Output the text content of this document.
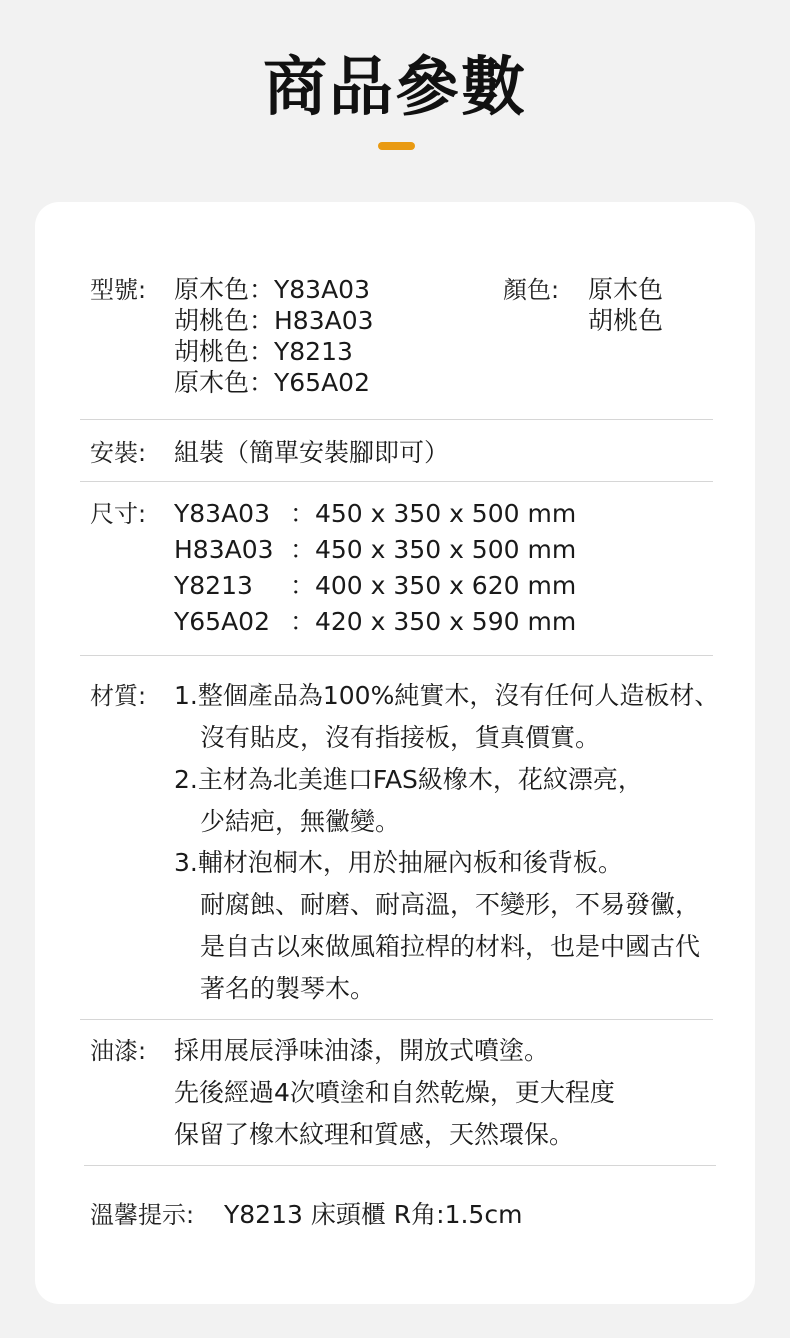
商品參數
型號: 原木色：Y83A03
胡桃色：H83A03
胡桃色：Y8213
原木色：Y65A02
顏色: 原木色
胡桃色
安裝: 組裝（簡單安裝腳即可）
尺寸: Y83A03 ：450 x 350 x 500 mm
H83A03 ：450 x 350 x 500 mm
Y8213 ：400 x 350 x 620 mm
Y65A02 ：420 x 350 x 590 mm
材質: 1.整個產品為100%純實木，沒有任何人造板材、
沒有貼皮，沒有指接板，貨真價實。
2.主材為北美進口FAS級橡木，花紋漂亮，
少結疤，無黴變。
3.輔材泡桐木，用於抽屜內板和後背板。
耐腐蝕、耐磨、耐高溫，不變形，不易發黴，
是自古以來做風箱拉桿的材料，也是中國古代
著名的製琴木。
油漆: 採用展辰淨味油漆，開放式噴塗。
先後經過4次噴塗和自然乾燥，更大程度
保留了橡木紋理和質感，天然環保。
溫馨提示: Y8213 床頭櫃 R角:1.5cm
